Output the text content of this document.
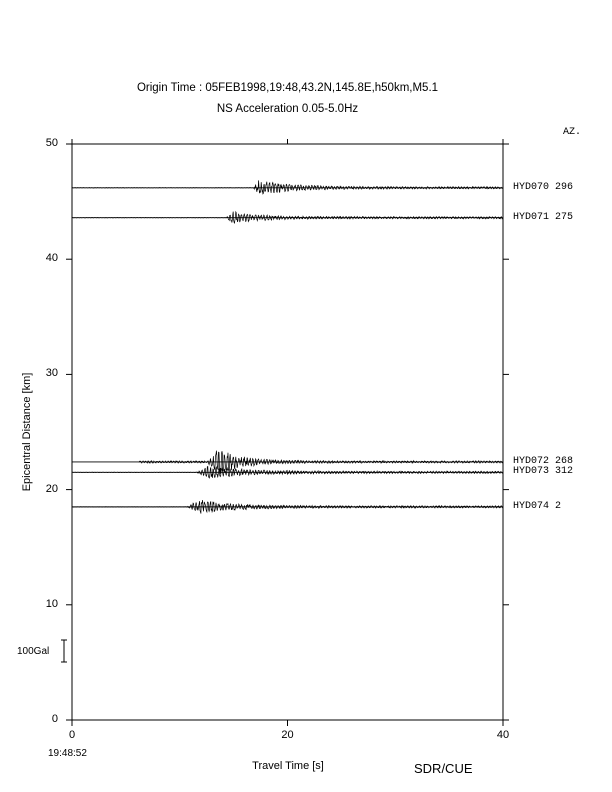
Origin Time : 05FEB1998,19:48,43.2N,145.8E,h50km,M5.1
NS Acceleration 0.05-5.0Hz
AZ.
0
10
20
30
40
50
0	20	40
HYD070 296
HYD071 275
HYD072 268
HYD073 312
HYD074 2
Epicentral Distance [km]
Travel Time [s]
19:48:52
SDR/CUE
100Gal
